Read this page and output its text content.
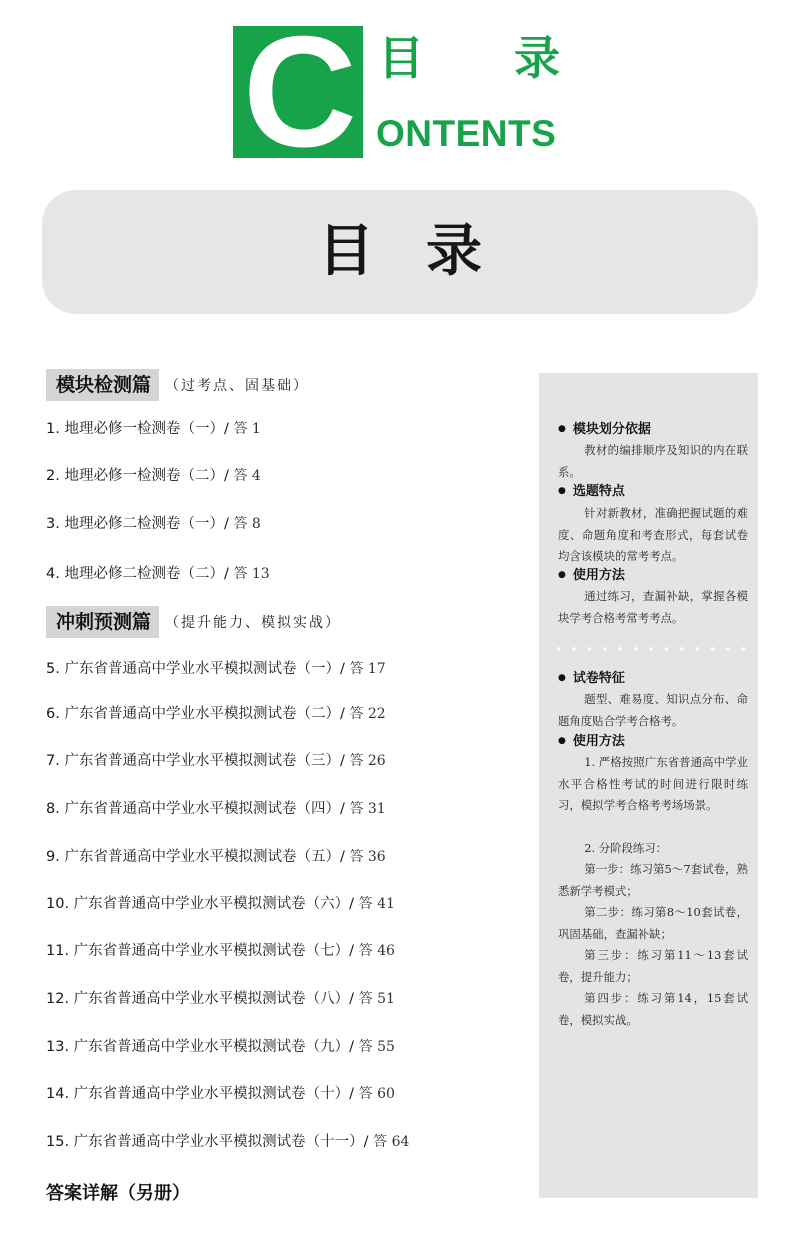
C 目 录
ONTENTS
目录
模块检测篇	（过考点、固基础）
1. 地理必修一检测卷（一）/ 答 1
2. 地理必修一检测卷（二）/ 答 4
3. 地理必修二检测卷（一）/ 答 8
4. 地理必修二检测卷（二）/ 答 13
冲刺预测篇	（提升能力、模拟实战）
5. 广东省普通高中学业水平模拟测试卷（一）/ 答 17
6. 广东省普通高中学业水平模拟测试卷（二）/ 答 22
7. 广东省普通高中学业水平模拟测试卷（三）/ 答 26
8. 广东省普通高中学业水平模拟测试卷（四）/ 答 31
9. 广东省普通高中学业水平模拟测试卷（五）/ 答 36
10. 广东省普通高中学业水平模拟测试卷（六）/ 答 41
11. 广东省普通高中学业水平模拟测试卷（七）/ 答 46
12. 广东省普通高中学业水平模拟测试卷（八）/ 答 51
13. 广东省普通高中学业水平模拟测试卷（九）/ 答 55
14. 广东省普通高中学业水平模拟测试卷（十）/ 答 60
15. 广东省普通高中学业水平模拟测试卷（十一）/ 答 64
答案详解（另册）
● 模块划分依据
教材的编排顺序及知识的内在联系。
● 选题特点
针对新教材，准确把握试题的难度、命题角度和考查形式，每套试卷均含该模块的常考考点。
● 使用方法
通过练习，查漏补缺，掌握各模块学考合格考常考考点。
● 试卷特征
题型、难易度、知识点分布、命题角度贴合学考合格考。
● 使用方法
1. 严格按照广东省普通高中学业水平合格性考试的时间进行限时练习，模拟学考合格考考场场景。
2. 分阶段练习：
第一步：练习第5～7套试卷，熟悉新学考模式；
第二步：练习第8～10套试卷，巩固基础，查漏补缺；
第三步：练习第11～13套试卷，提升能力；
第四步：练习第14，15套试卷，模拟实战。
